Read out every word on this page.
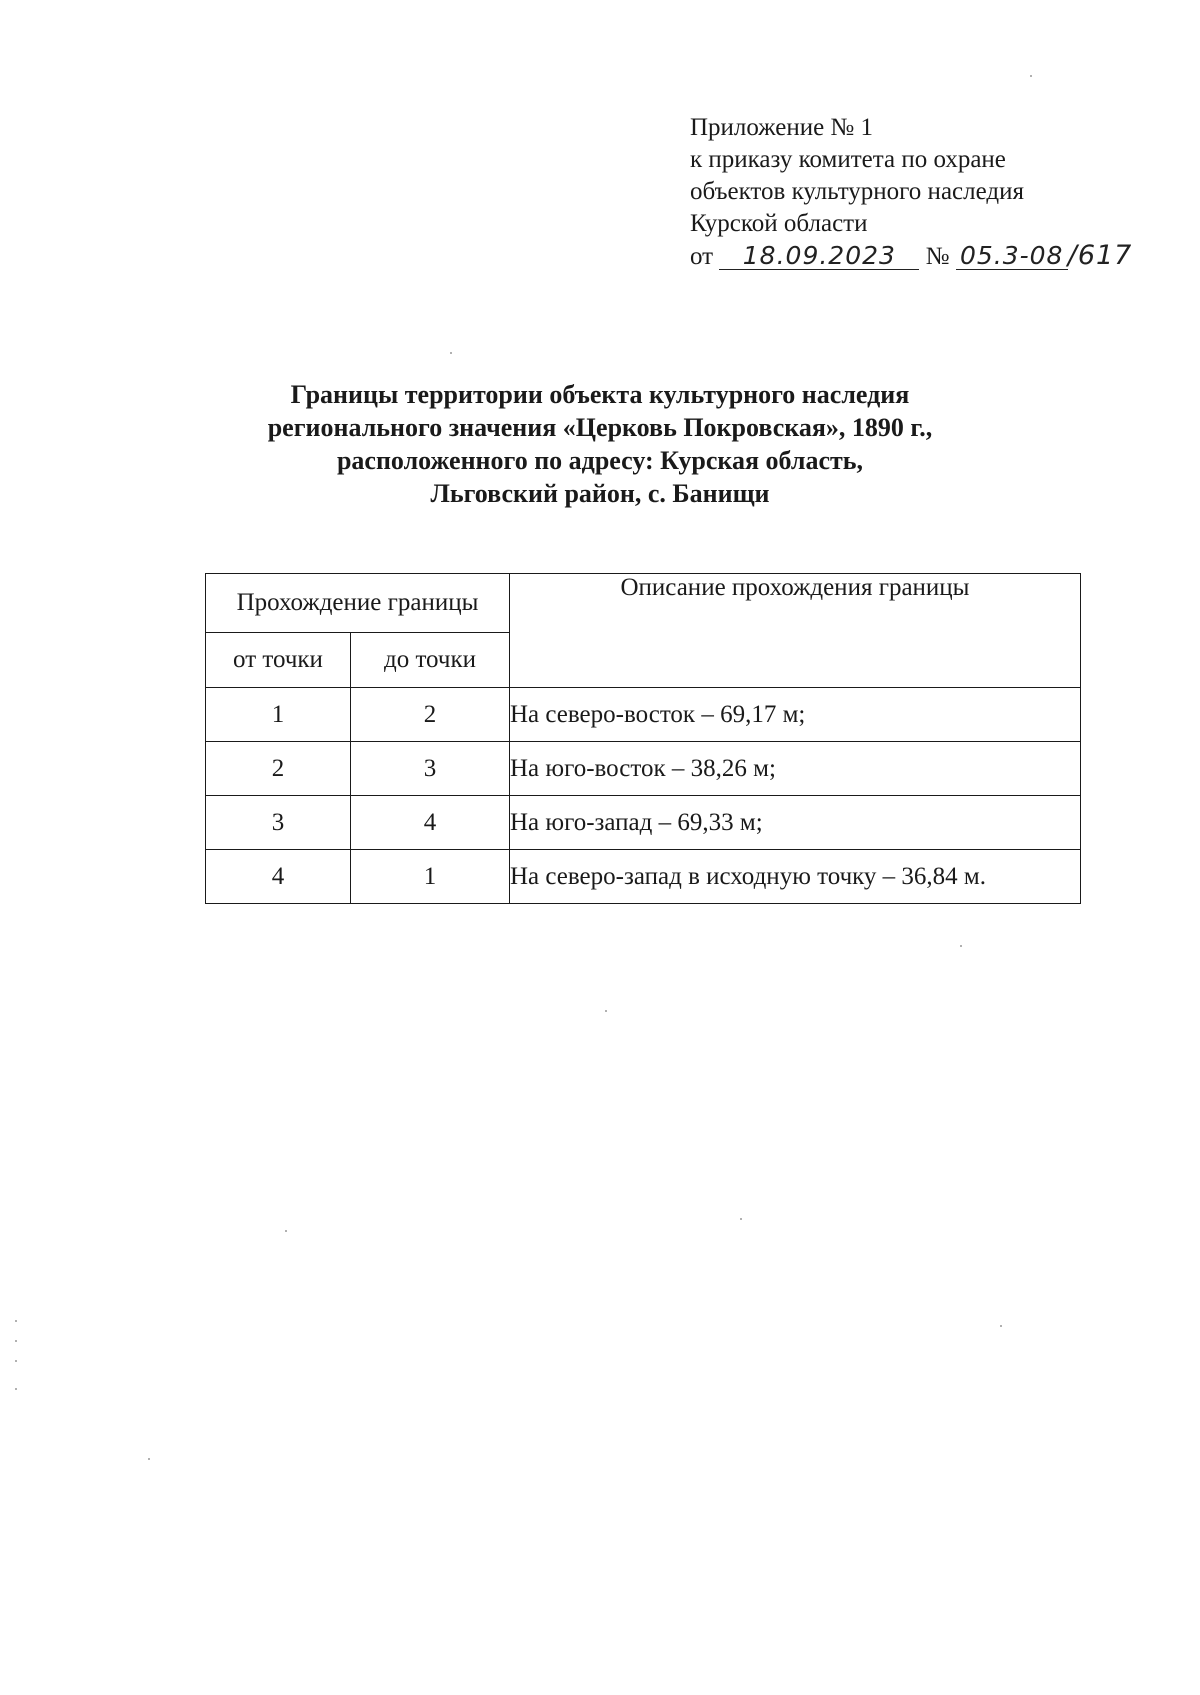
Приложение № 1
к приказу комитета по охране
объектов культурного наследия
Курской области
от 18.09.2023 № 05.3-08 /617
Границы территории объекта культурного наследия
регионального значения «Церковь Покровская», 1890 г.,
расположенного по адресу: Курская область,
Льговский район, с. Банищи
Прохождение границы		Описание прохождения границы
от точки	до точки	
1	2	На северо-восток – 69,17 м;
2	3	На юго-восток – 38,26 м;
3	4	На юго-запад – 69,33 м;
4	1	На северо-запад в исходную точку – 36,84 м.
